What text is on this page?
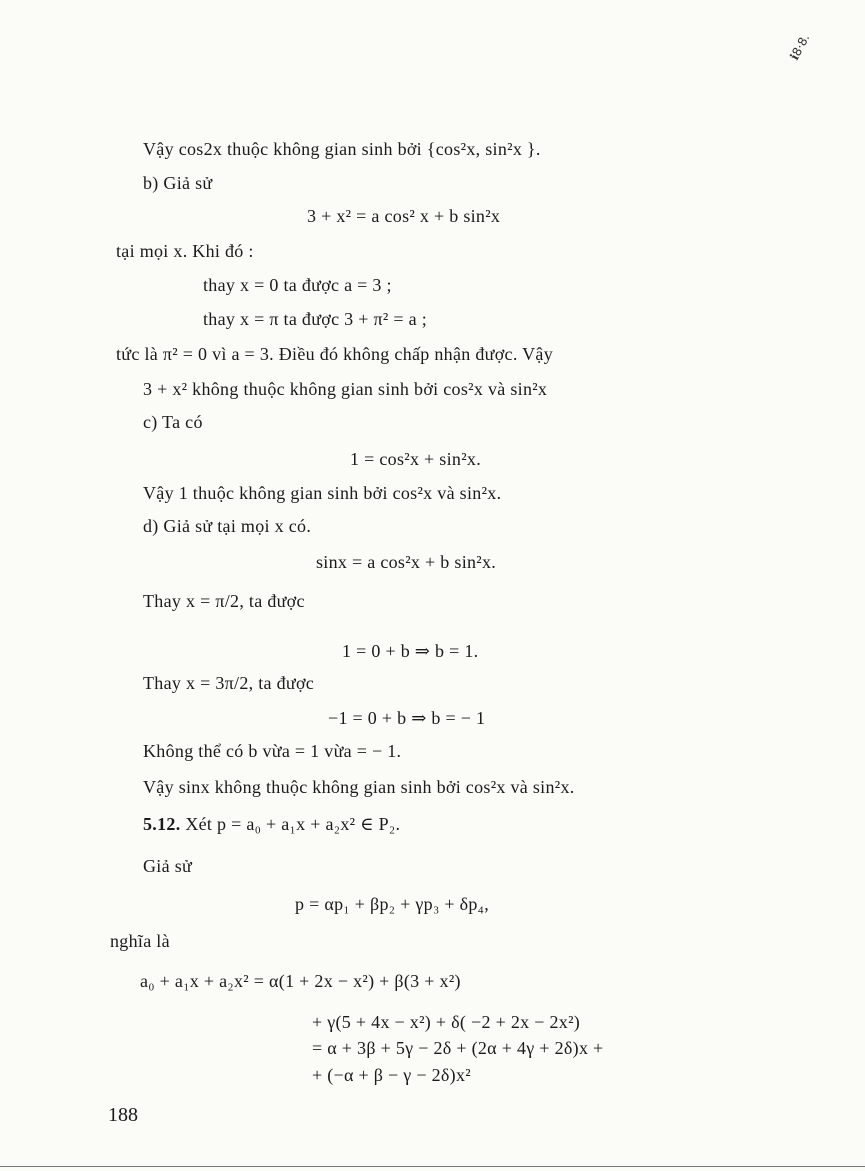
ℹ8·8.
Vậy cos2x thuộc không gian sinh bởi {cos²x, sin²x }.
b) Giả sử
3 + x² = a cos² x + b sin²x
tại mọi x. Khi đó :
thay x = 0 ta được a = 3 ;
thay x = π ta được 3 + π² = a ;
tức là π² = 0 vì a = 3. Điều đó không chấp nhận được. Vậy
3 + x² không thuộc không gian sinh bởi cos²x và sin²x
c) Ta có
1 = cos²x + sin²x.
Vậy 1 thuộc không gian sinh bởi cos²x và sin²x.
d) Giả sử tại mọi x có.
sinx = a cos²x + b sin²x.
Thay x = π/2, ta được
1 = 0 + b ⇒ b = 1.
Thay x = 3π/2, ta được
−1 = 0 + b ⇒ b = − 1
Không thể có b vừa = 1 vừa = − 1.
Vậy sinx không thuộc không gian sinh bởi cos²x và sin²x.
5.12. Xét p = a₀ + a₁x + a₂x² ∈ P₂.
Giả sử
p = αp₁ + βp₂ + γp₃ + δp₄,
nghĩa là
a₀ + a₁x + a₂x² = α(1 + 2x − x²) + β(3 + x²)
+ γ(5 + 4x − x²) + δ( −2 + 2x − 2x²)
= α + 3β + 5γ − 2δ + (2α + 4γ + 2δ)x +
+ (−α + β − γ − 2δ)x²
188
